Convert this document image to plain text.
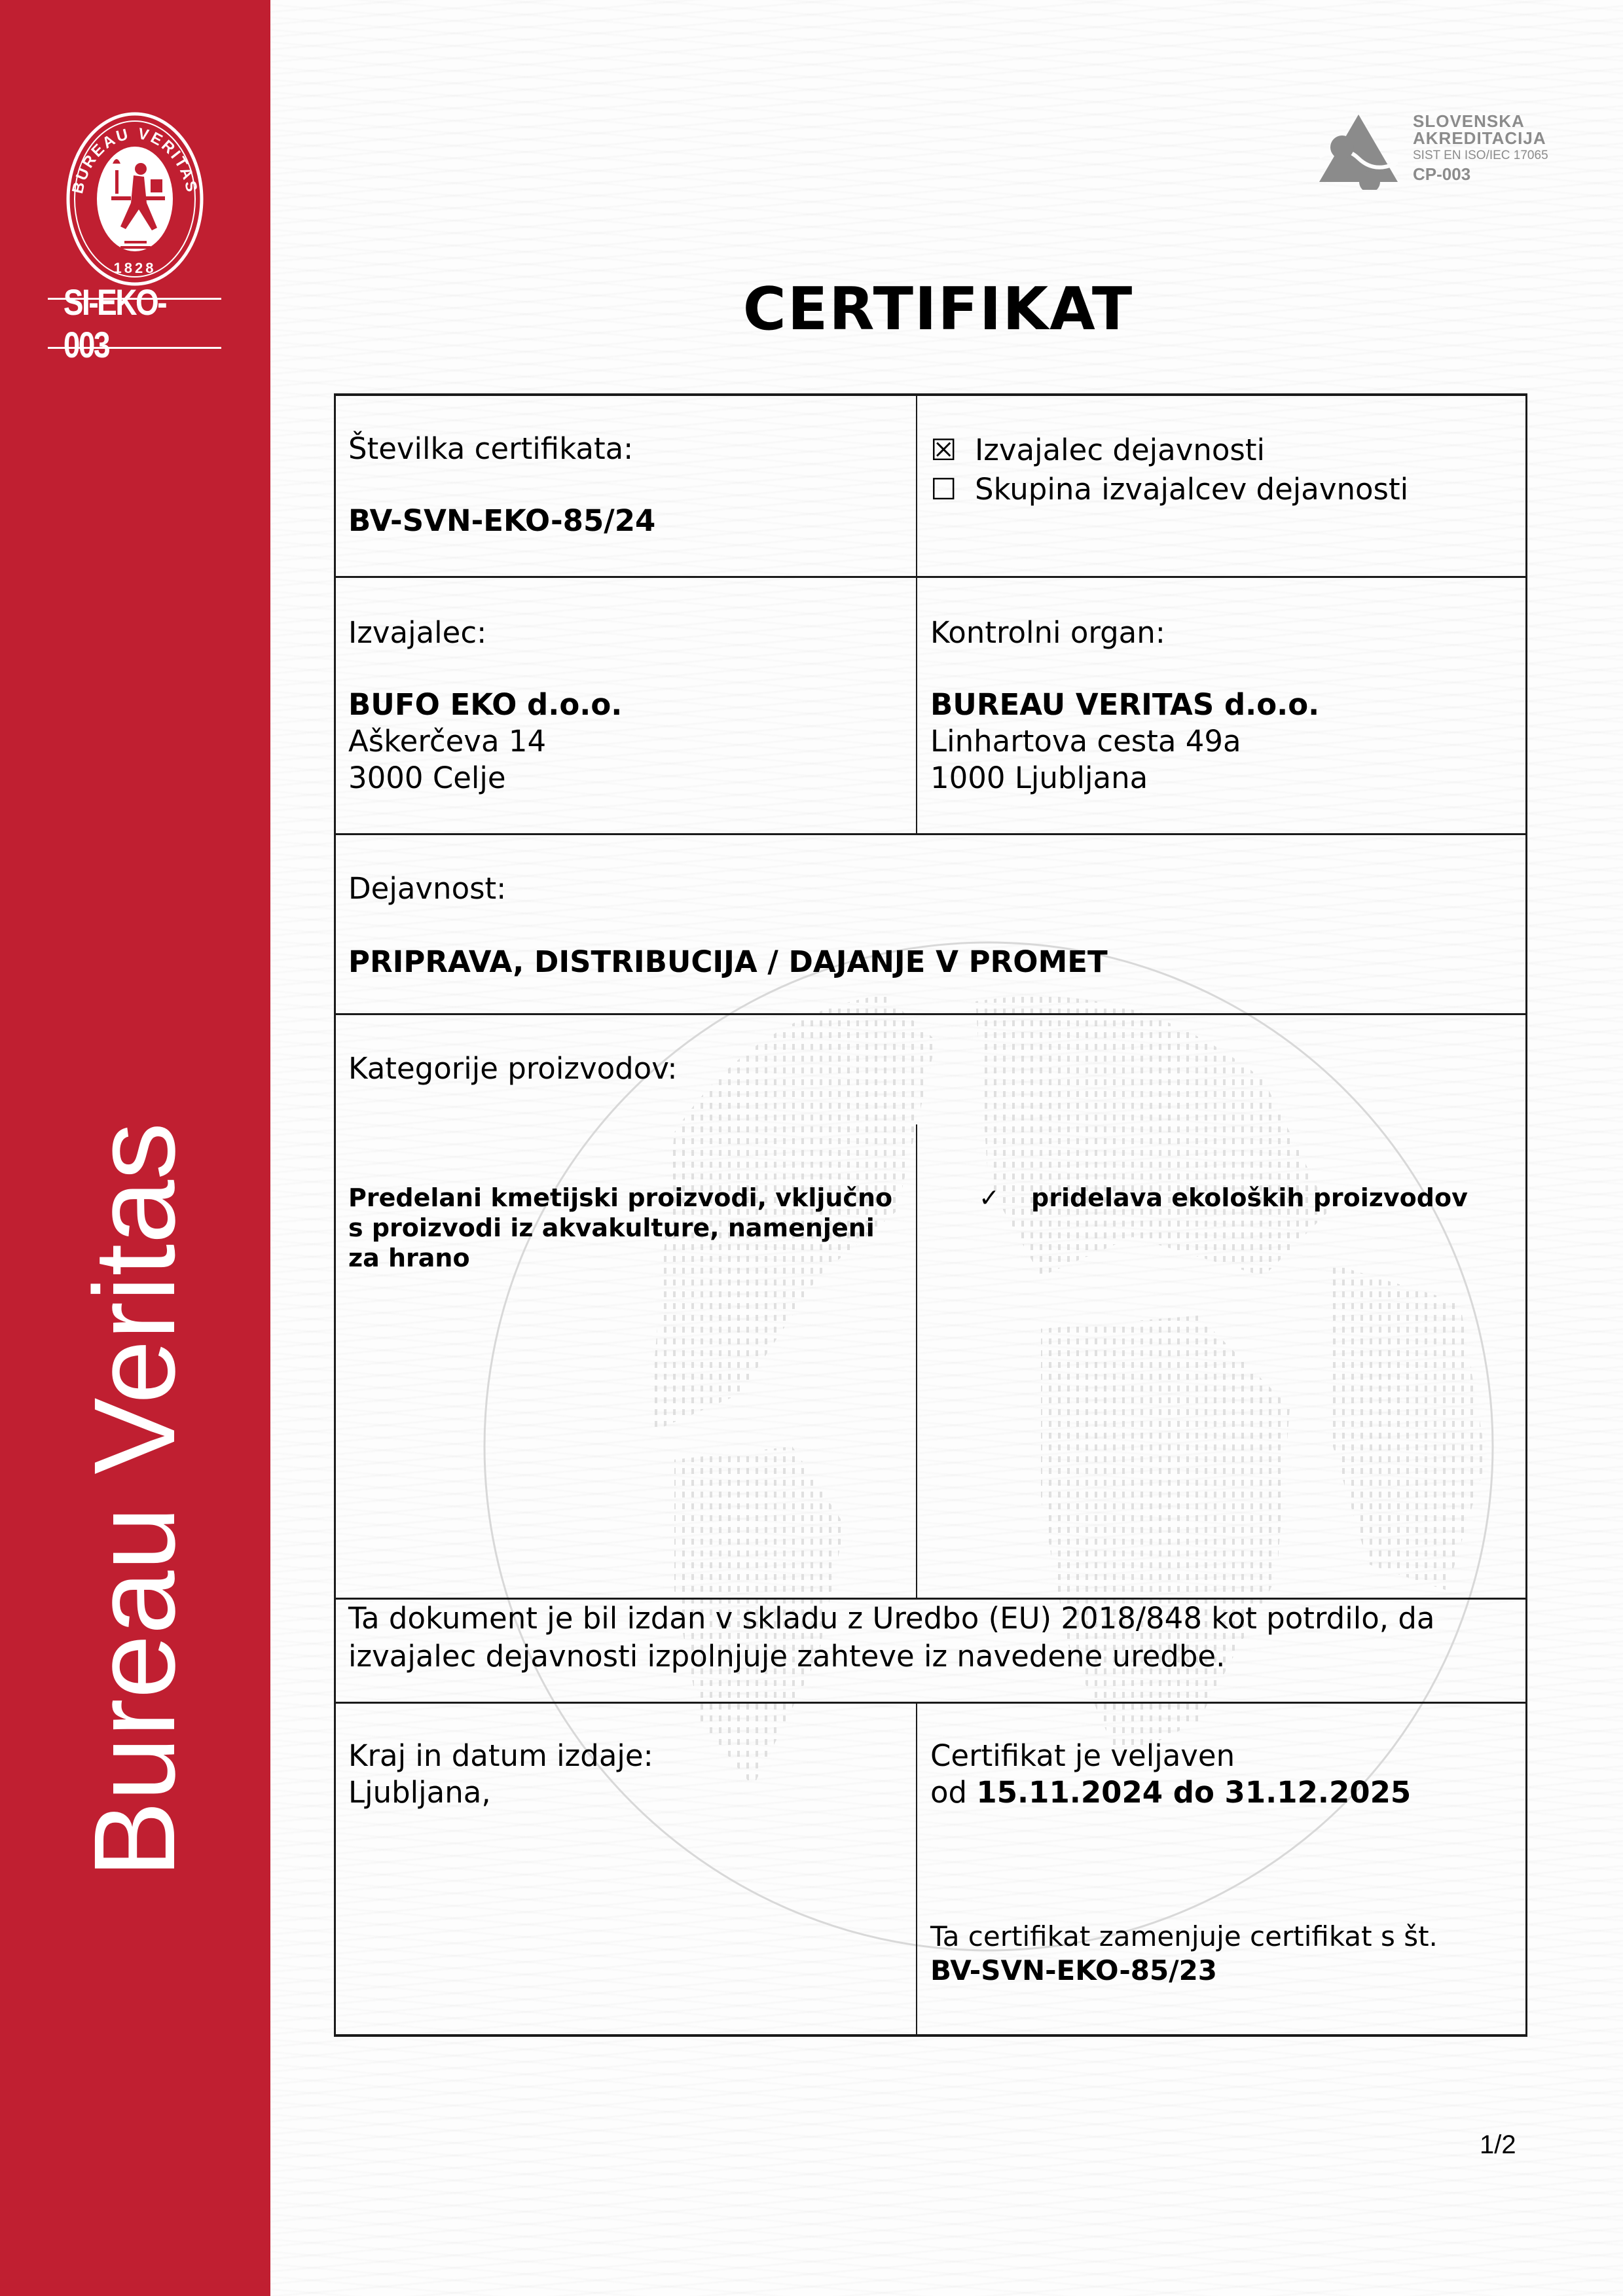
BUREAU VERITAS
1828
SI-EKO-003
Bureau Veritas
SLOVENSKA
AKREDITACIJA
SIST EN ISO/IEC 17065
CP-003
CERTIFIKAT
Številka certifikata:
BV-SVN-EKO-85/24
☒ Izvajalec dejavnosti
☐ Skupina izvajalcev dejavnosti
Izvajalec:
BUFO EKO d.o.o.
Aškerčeva 14
3000 Celje
Kontrolni organ:
BUREAU VERITAS d.o.o.
Linhartova cesta 49a
1000 Ljubljana
Dejavnost:
PRIPRAVA, DISTRIBUCIJA / DAJANJE V PROMET
Kategorije proizvodov:
Predelani kmetijski proizvodi, vključno
s proizvodi iz akvakulture, namenjeni
za hrano
✓ pridelava ekoloških proizvodov
Ta dokument je bil izdan v skladu z Uredbo (EU) 2018/848 kot potrdilo, da
izvajalec dejavnosti izpolnjuje zahteve iz navedene uredbe.
Kraj in datum izdaje:
Ljubljana,
Certifikat je veljaven
od 15.11.2024 do 31.12.2025
Ta certifikat zamenjuje certifikat s št.
BV-SVN-EKO-85/23
1/2
